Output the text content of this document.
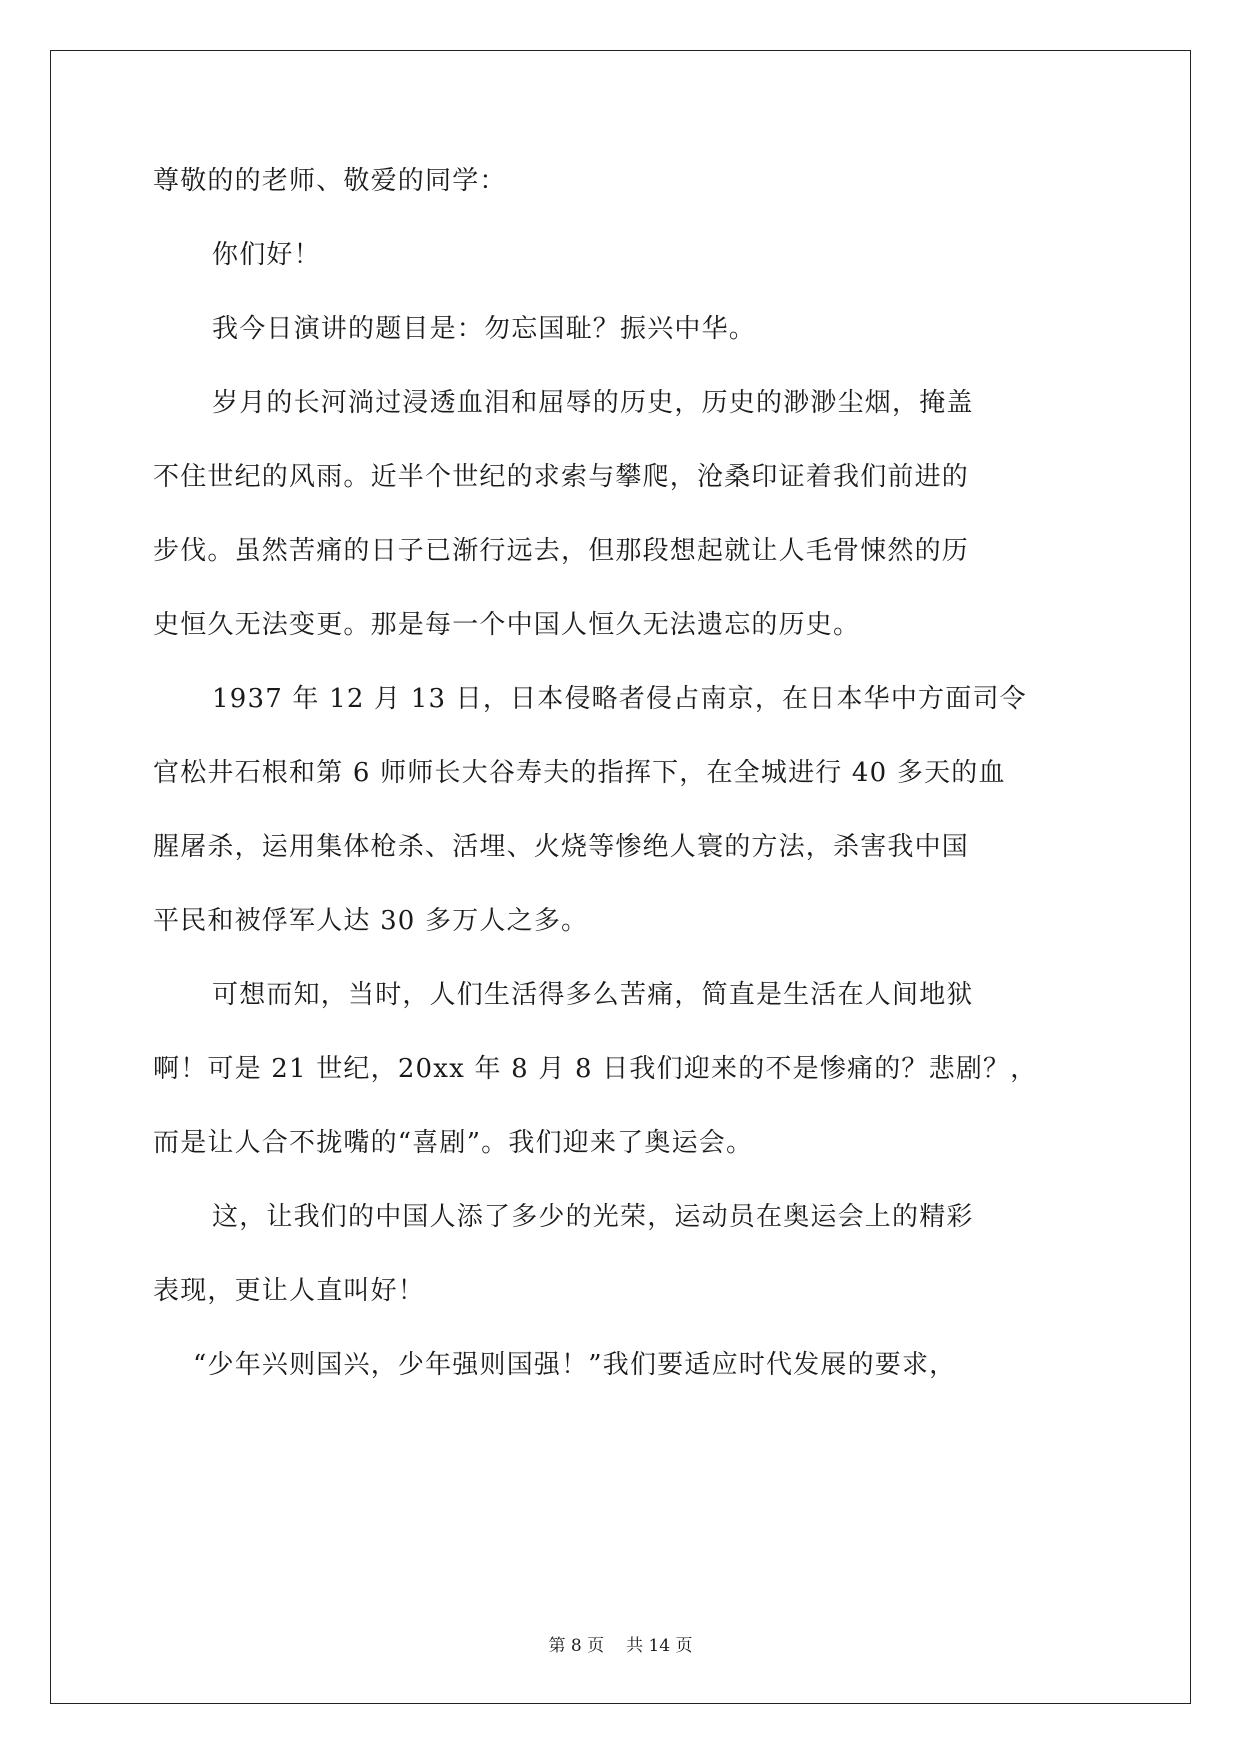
尊敬的的老师、敬爱的同学：
你们好！
我今日演讲的题目是：勿忘国耻？振兴中华。
岁月的长河淌过浸透血泪和屈辱的历史，历史的渺渺尘烟，掩盖
不住世纪的风雨。近半个世纪的求索与攀爬，沧桑印证着我们前进的
步伐。虽然苦痛的日子已渐行远去，但那段想起就让人毛骨悚然的历
史恒久无法变更。那是每一个中国人恒久无法遗忘的历史。
1937 年 12 月 13 日，日本侵略者侵占南京，在日本华中方面司令
官松井石根和第 6 师师长大谷寿夫的指挥下，在全城进行 40 多天的血
腥屠杀，运用集体枪杀、活埋、火烧等惨绝人寰的方法，杀害我中国
平民和被俘军人达 30 多万人之多。
可想而知，当时，人们生活得多么苦痛，简直是生活在人间地狱
啊！可是 21 世纪，20xx 年 8 月 8 日我们迎来的不是惨痛的？悲剧？，
而是让人合不拢嘴的“喜剧”。我们迎来了奥运会。
这，让我们的中国人添了多少的光荣，运动员在奥运会上的精彩
表现，更让人直叫好！
“少年兴则国兴，少年强则国强！”我们要适应时代发展的要求，
第 8 页 共 14 页
